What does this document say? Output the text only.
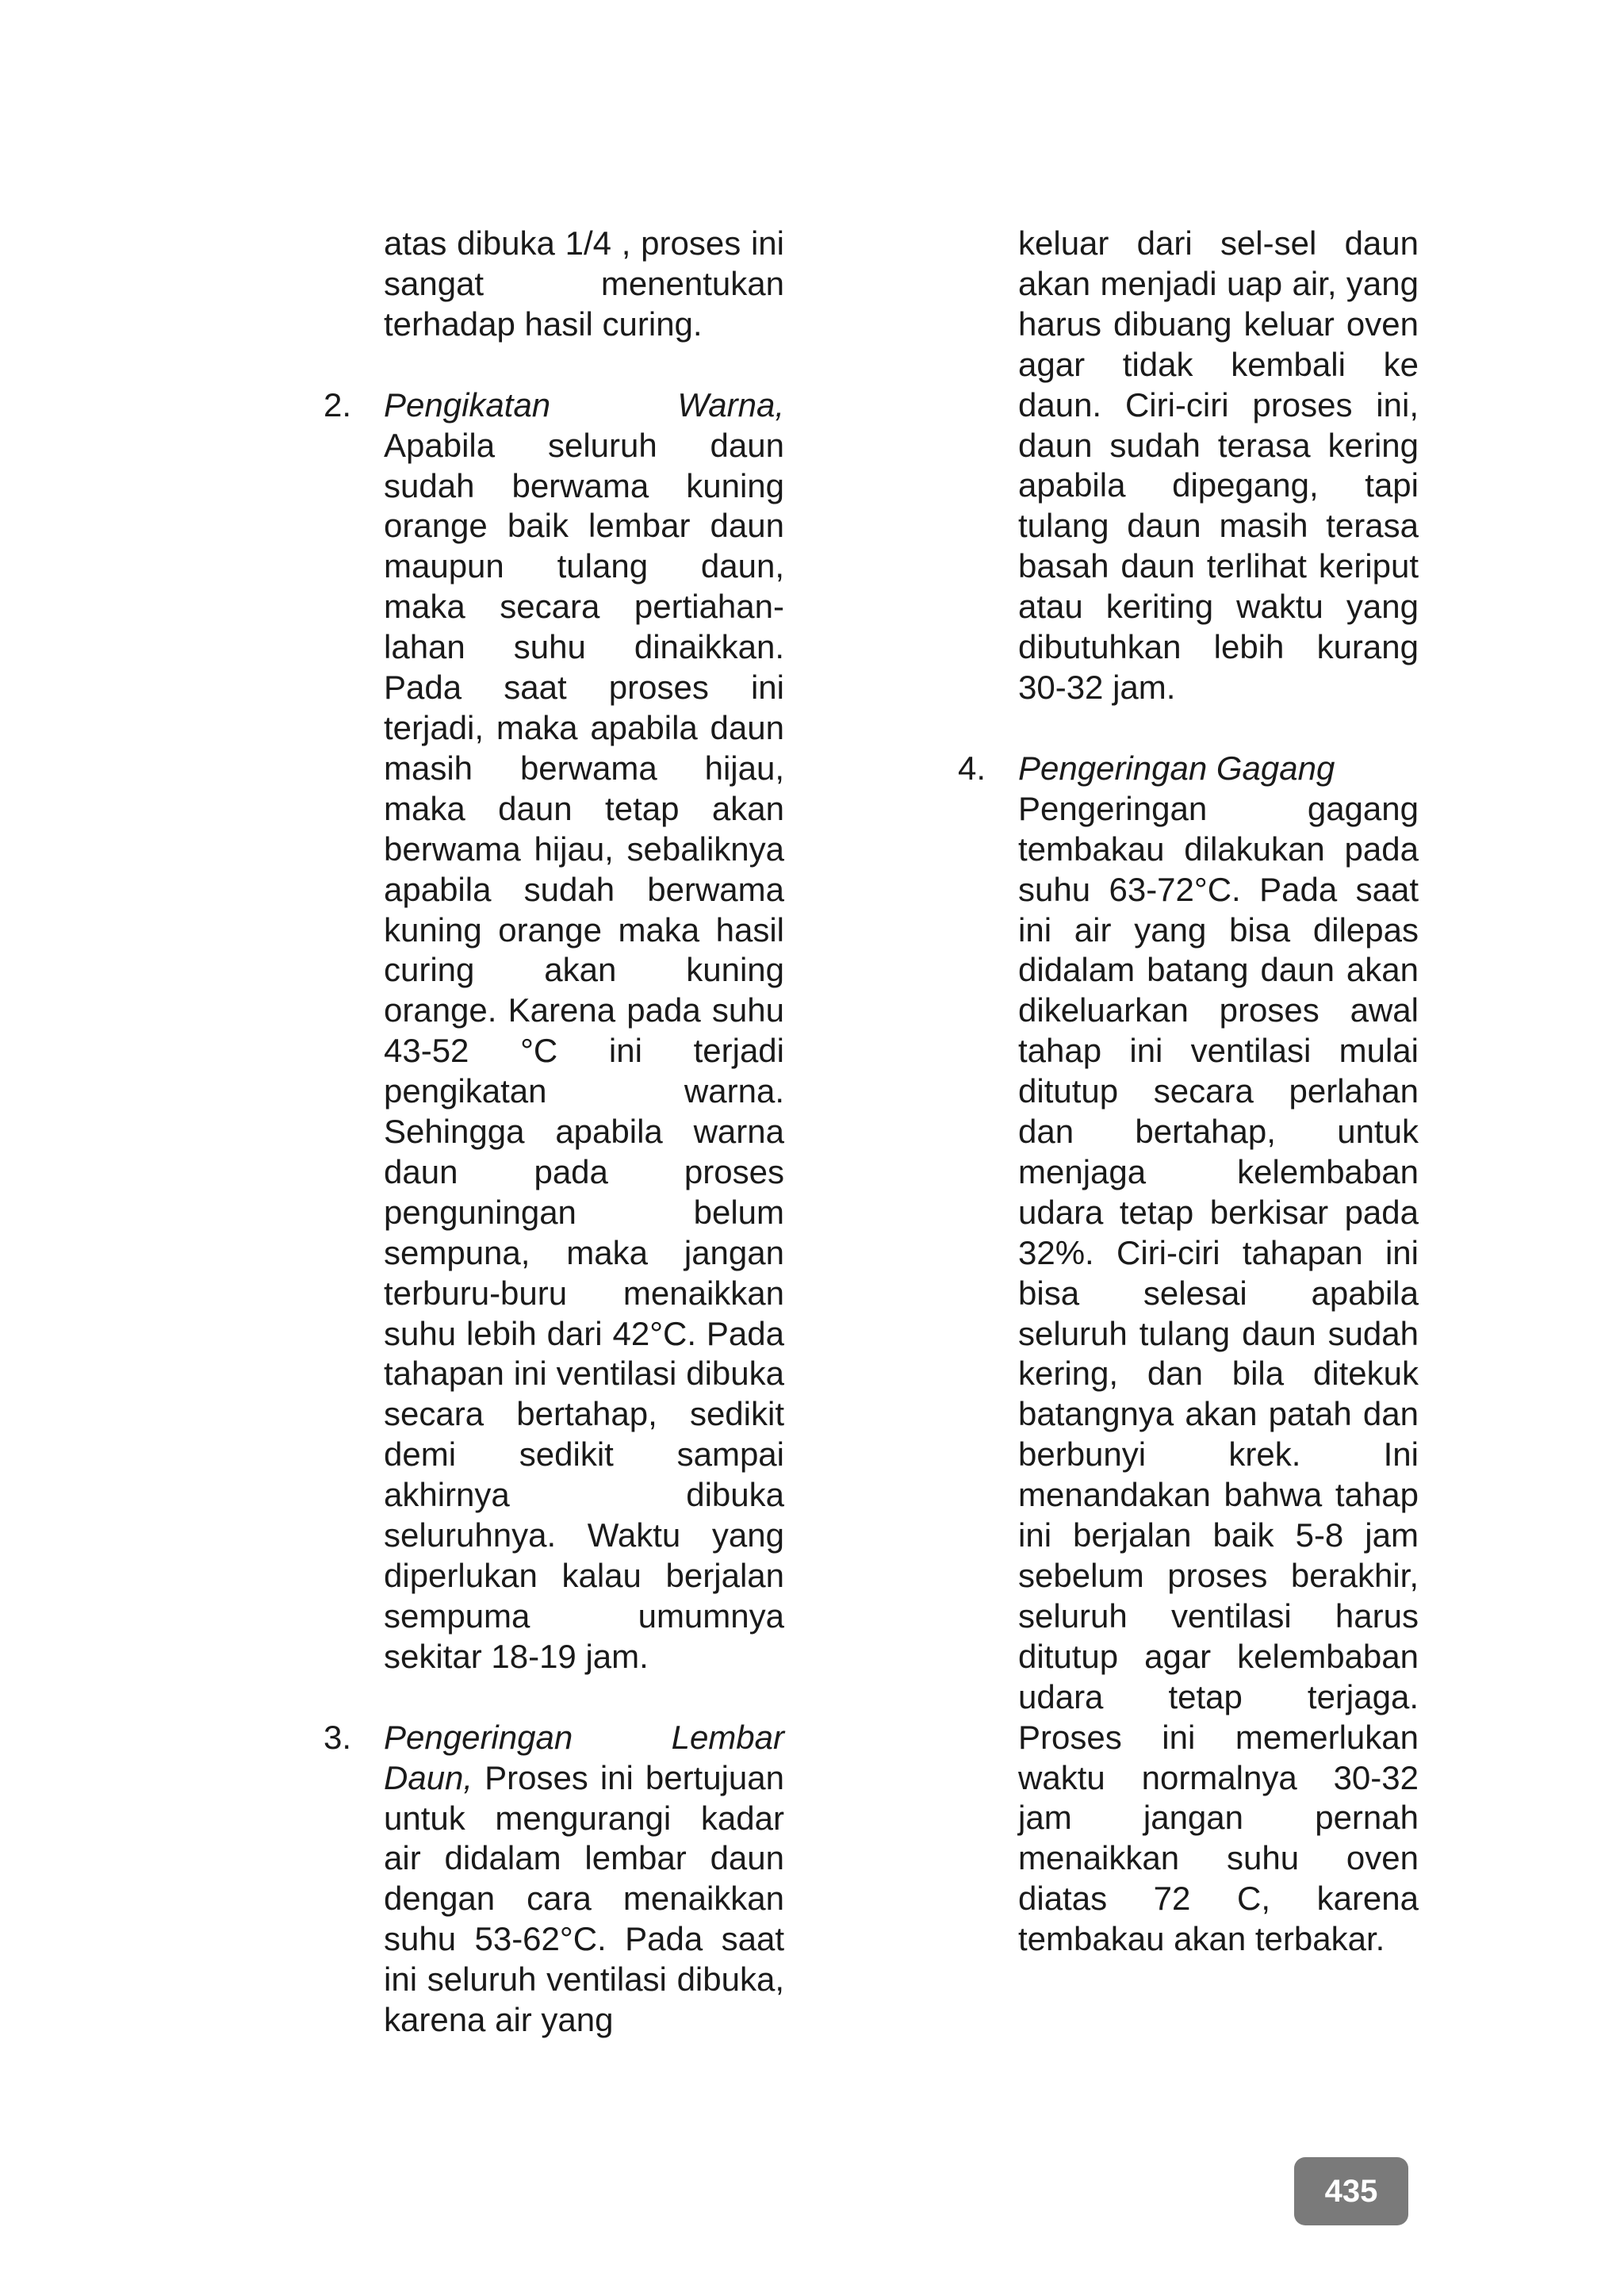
atas dibuka 1/4 , proses ini sangat menentukan terhadap hasil curing.

2. Pengikatan Warna, Apabila seluruh daun sudah berwama kuning orange baik lembar daun maupun tulang daun, maka secara pertiahan-lahan suhu dinaikkan. Pada saat proses ini terjadi, maka apabila daun masih berwama hijau, maka daun tetap akan berwama hijau, sebaliknya apabila sudah berwama kuning orange maka hasil curing akan kuning orange. Karena pada suhu 43-52 °C ini terjadi pengikatan warna. Sehingga apabila warna daun pada proses penguningan belum sempuna, maka jangan terburu-buru menaikkan suhu lebih dari 42°C. Pada tahapan ini ventilasi dibuka secara bertahap, sedikit demi sedikit sampai akhirnya dibuka seluruhnya. Waktu yang diperlukan kalau berjalan sempuma umumnya sekitar 18-19 jam.
3. Pengeringan Lembar Daun, Proses ini bertujuan untuk mengurangi kadar air didalam lembar daun dengan cara menaikkan suhu 53-62°C. Pada saat ini seluruh ventilasi dibuka, karena air yang

keluar dari sel-sel daun akan menjadi uap air, yang harus dibuang keluar oven agar tidak kembali ke daun. Ciri-ciri proses ini, daun sudah terasa kering apabila dipegang, tapi tulang daun masih terasa basah daun terlihat keriput atau keriting waktu yang dibutuhkan lebih kurang 30-32 jam.

4. Pengeringan Gagang
Pengeringan gagang tembakau dilakukan pada suhu 63-72°C. Pada saat ini air yang bisa dilepas didalam batang daun akan dikeluarkan proses awal tahap ini ventilasi mulai ditutup secara perlahan dan bertahap, untuk menjaga kelembaban udara tetap berkisar pada 32%. Ciri-ciri tahapan ini bisa selesai apabila seluruh tulang daun sudah kering, dan bila ditekuk batangnya akan patah dan berbunyi krek. Ini menandakan bahwa tahap ini berjalan baik 5-8 jam sebelum proses berakhir, seluruh ventilasi harus ditutup agar kelembaban udara tetap terjaga. Proses ini memerlukan waktu normalnya 30-32 jam jangan pernah menaikkan suhu oven diatas 72 C, karena tembakau akan terbakar.
435
